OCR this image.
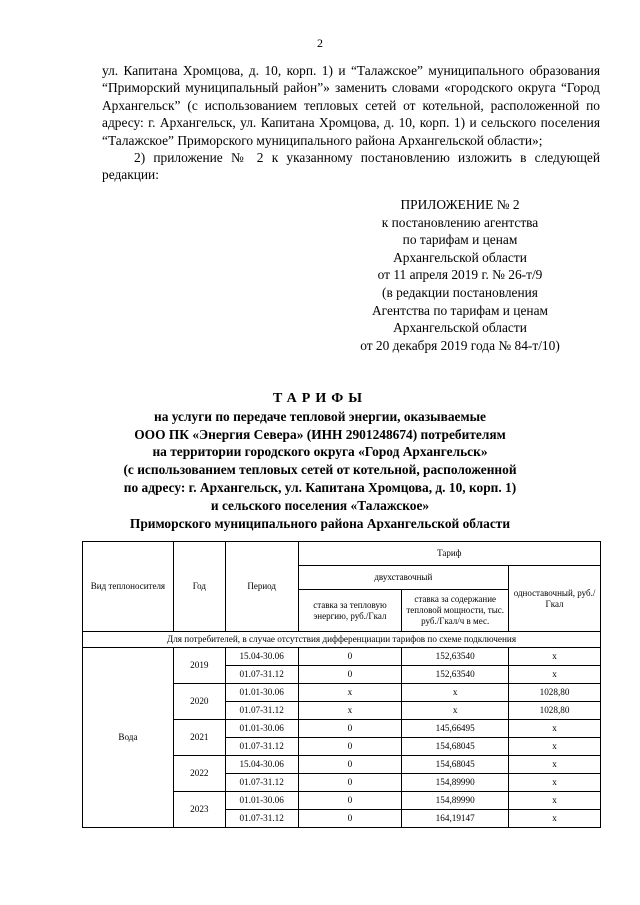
2

ул. Капитана Хромцова, д. 10, корп. 1) и “Талажское” муниципального образования “Приморский муниципальный район”» заменить словами «городского округа “Город Архангельск” (с использованием тепловых сетей от котельной, расположенной по адресу: г. Архангельск, ул. Капитана Хромцова, д. 10, корп. 1) и сельского поселения “Талажское” Приморского муниципального района Архангельской области»;

2) приложение № 2 к указанному постановлению изложить в следующей редакции:

ПРИЛОЖЕНИЕ № 2
к постановлению агентства
по тарифам и ценам
Архангельской области
от 11 апреля 2019 г. № 26-т/9
(в редакции постановления
Агентства по тарифам и ценам
Архангельской области
от 20 декабря 2019 года № 84-т/10)
ТАРИФЫ
на услуги по передаче тепловой энергии, оказываемые
ООО ПК «Энергия Севера» (ИНН 2901248674) потребителям
на территории городского округа «Город Архангельск»
(с использованием тепловых сетей от котельной, расположенной
по адресу: г. Архангельск, ул. Капитана Хромцова, д. 10, корп. 1)
и сельского поселения «Талажское»
Приморского муниципального района Архангельской области
Вид теплоносителя	Год	Период	Тариф		
			двухставочный		одноставочный, руб./Гкал
			ставка за тепловую энергию, руб./Гкал	ставка за содержание тепловой мощности, тыс. руб./Гкал/ч в мес.	
Для потребителей, в случае отсутствия дифференциации тарифов по схеме подключения					
Вода	2019	15.04-30.06	0	152,63540	х
		01.07-31.12	0	152,63540	х
	2020	01.01-30.06	х	х	1028,80
		01.07-31.12	х	х	1028,80
	2021	01.01-30.06	0	145,66495	х
		01.07-31.12	0	154,68045	х
	2022	15.04-30.06	0	154,68045	х
		01.07-31.12	0	154,89990	х
	2023	01.01-30.06	0	154,89990	х
		01.07-31.12	0	164,19147	х
